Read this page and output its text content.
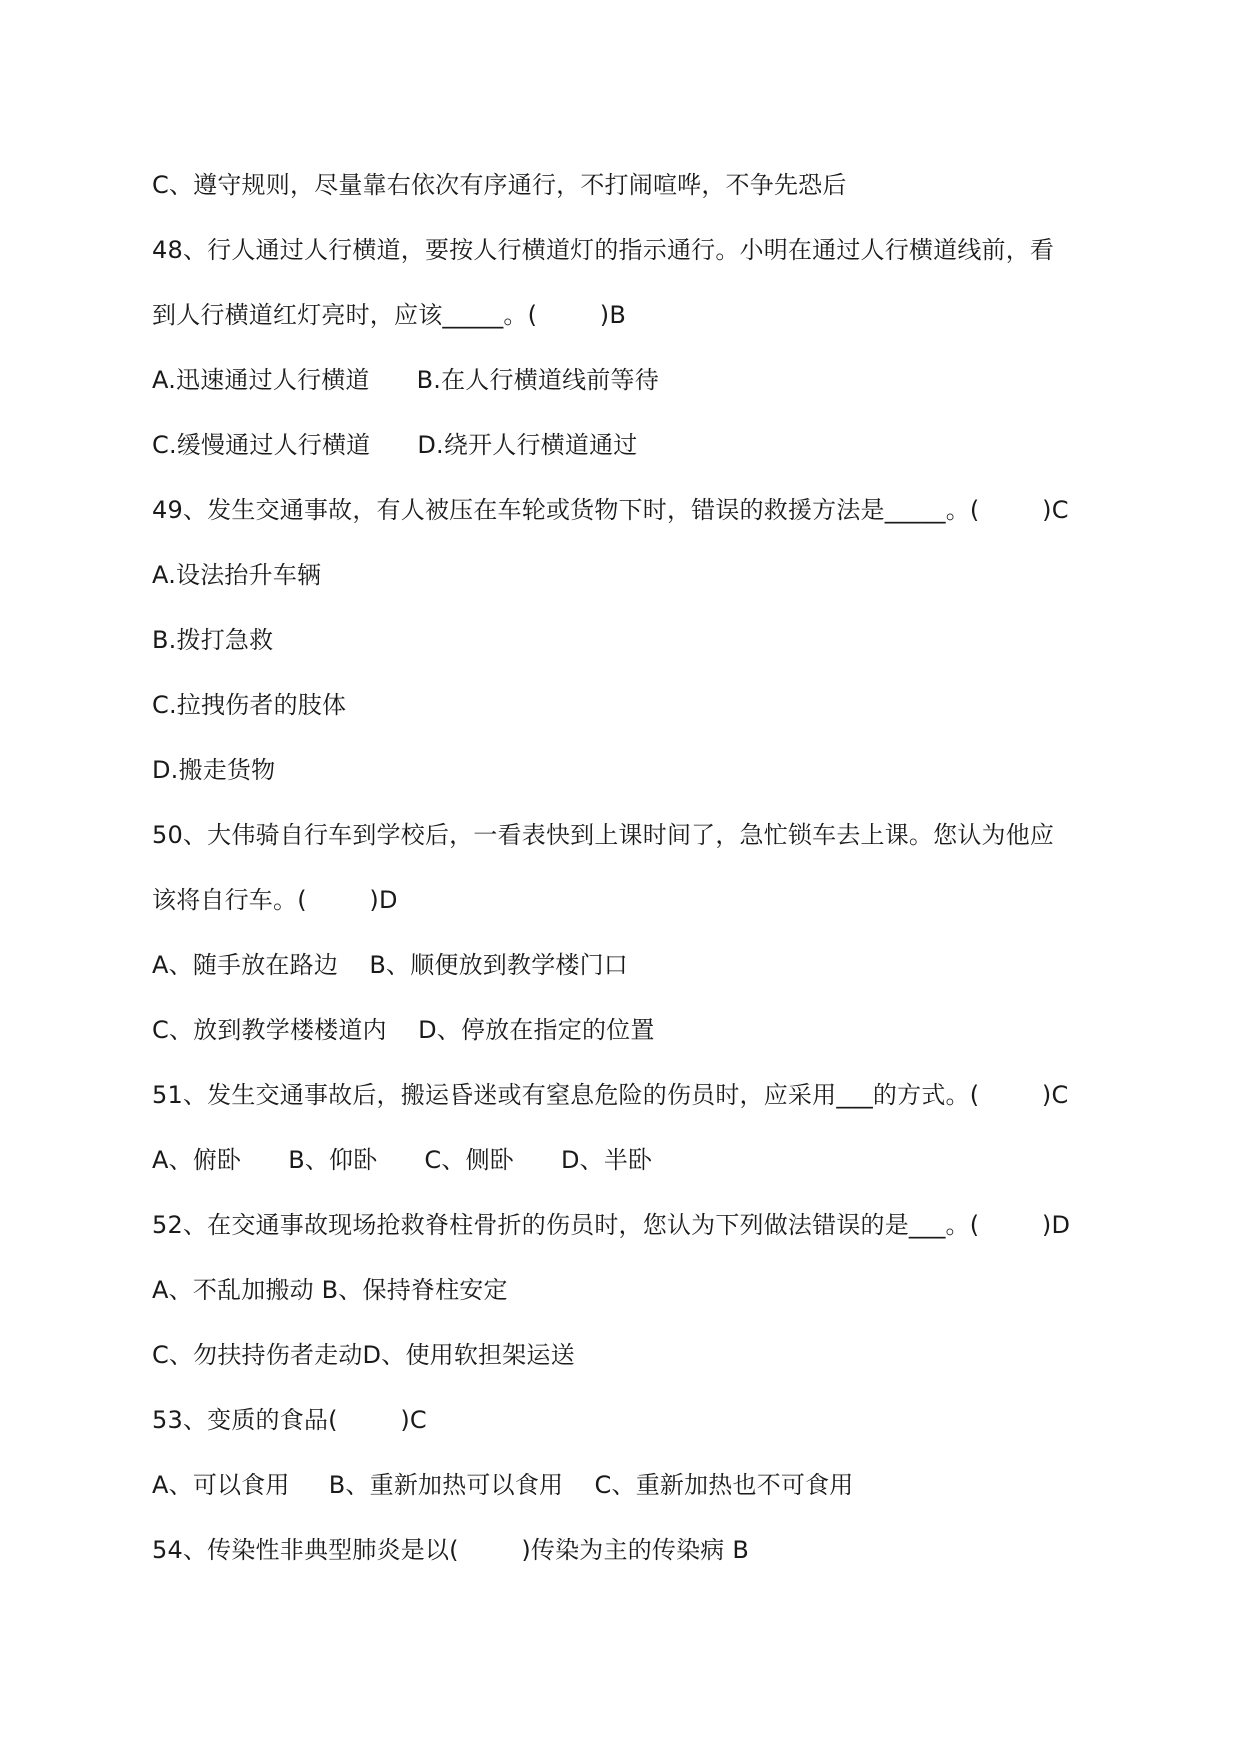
C、遵守规则，尽量靠右依次有序通行，不打闹喧哗，不争先恐后
48、行人通过人行横道，要按人行横道灯的指示通行。小明在通过人行横道线前，看
到人行横道红灯亮时，应该_____。(        )B
A.迅速通过人行横道      B.在人行横道线前等待
C.缓慢通过人行横道      D.绕开人行横道通过
49、发生交通事故，有人被压在车轮或货物下时，错误的救援方法是_____。(        )C
A.设法抬升车辆
B.拨打急救
C.拉拽伤者的肢体
D.搬走货物
50、大伟骑自行车到学校后，一看表快到上课时间了，急忙锁车去上课。您认为他应
该将自行车。(        )D
A、随手放在路边    B、顺便放到教学楼门口
C、放到教学楼楼道内    D、停放在指定的位置
51、发生交通事故后，搬运昏迷或有窒息危险的伤员时，应采用___的方式。(        )C
A、俯卧      B、仰卧      C、侧卧      D、半卧
52、在交通事故现场抢救脊柱骨折的伤员时，您认为下列做法错误的是___。(        )D
A、不乱加搬动 B、保持脊柱安定
C、勿扶持伤者走动D、使用软担架运送
53、变质的食品(        )C
A、可以食用     B、重新加热可以食用    C、重新加热也不可食用
54、传染性非典型肺炎是以(        )传染为主的传染病 B
